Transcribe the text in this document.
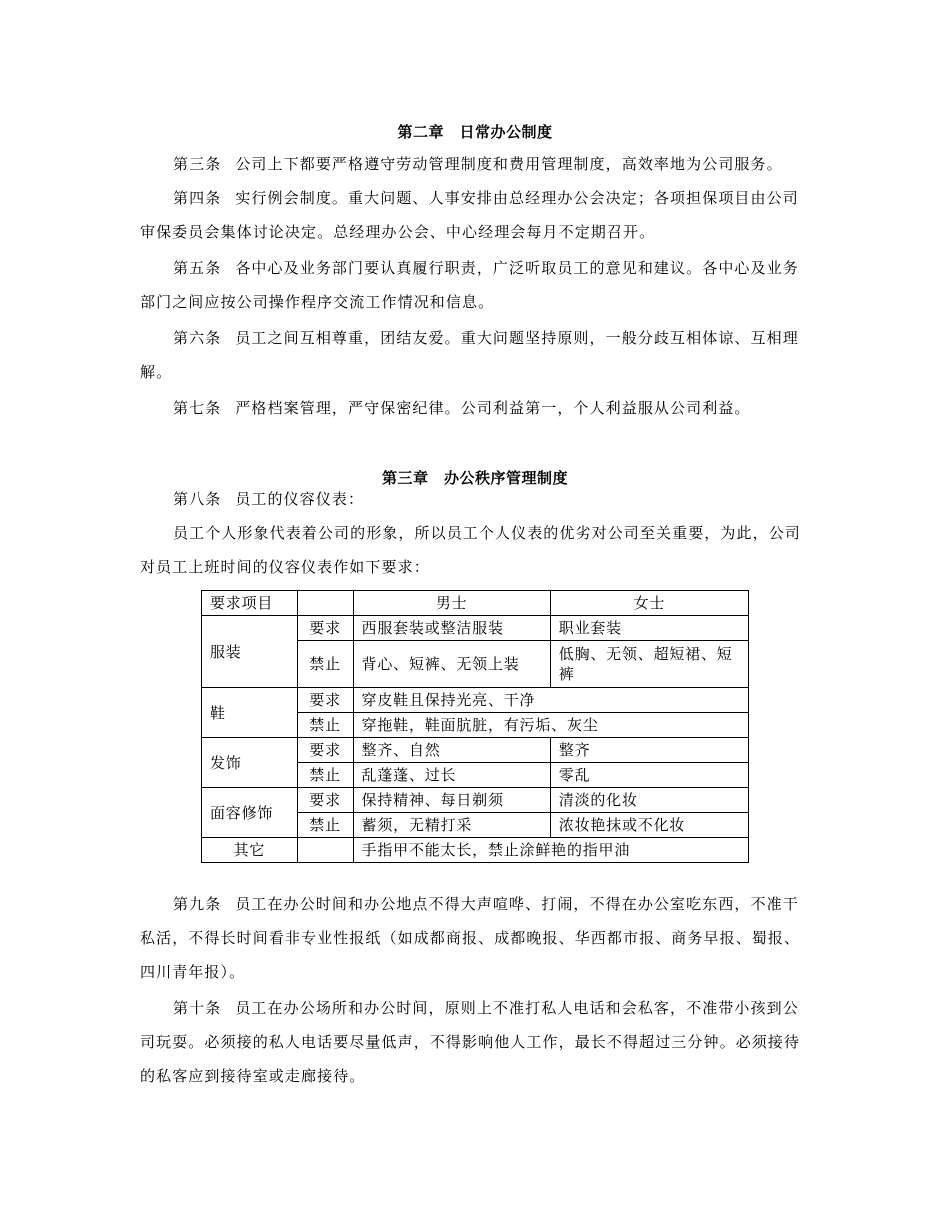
第二章　日常办公制度

第三条 公司上下都要严格遵守劳动管理制度和费用管理制度，高效率地为公司服务。

第四条 实行例会制度。重大问题、人事安排由总经理办公会决定；各项担保项目由公司审保委员会集体讨论决定。总经理办公会、中心经理会每月不定期召开。

第五条 各中心及业务部门要认真履行职责，广泛听取员工的意见和建议。各中心及业务部门之间应按公司操作程序交流工作情况和信息。

第六条 员工之间互相尊重，团结友爱。重大问题坚持原则，一般分歧互相体谅、互相理解。

第七条 严格档案管理，严守保密纪律。公司利益第一，个人利益服从公司利益。

第三章　办公秩序管理制度

第八条 员工的仪容仪表：

员工个人形象代表着公司的形象，所以员工个人仪表的优劣对公司至关重要，为此，公司对员工上班时间的仪容仪表作如下要求：

要求项目		男士	女士
服装	要求	西服套装或整洁服装	职业套装
	禁止	背心、短裤、无领上装	低胸、无领、超短裙、短裤
鞋	要求	穿皮鞋且保持光亮、干净	
	禁止	穿拖鞋，鞋面肮脏，有污垢、灰尘	
发饰	要求	整齐、自然	整齐
	禁止	乱蓬蓬、过长	零乱
面容修饰	要求	保持精神、每日剃须	清淡的化妆
	禁止	蓄须，无精打采	浓妆艳抹或不化妆
其它		手指甲不能太长，禁止涂鲜艳的指甲油	

第九条 员工在办公时间和办公地点不得大声喧哗、打闹，不得在办公室吃东西，不准干私活，不得长时间看非专业性报纸（如成都商报、成都晚报、华西都市报、商务早报、蜀报、四川青年报）。

第十条 员工在办公场所和办公时间，原则上不准打私人电话和会私客，不准带小孩到公司玩耍。必须接的私人电话要尽量低声，不得影响他人工作，最长不得超过三分钟。必须接待的私客应到接待室或走廊接待。
